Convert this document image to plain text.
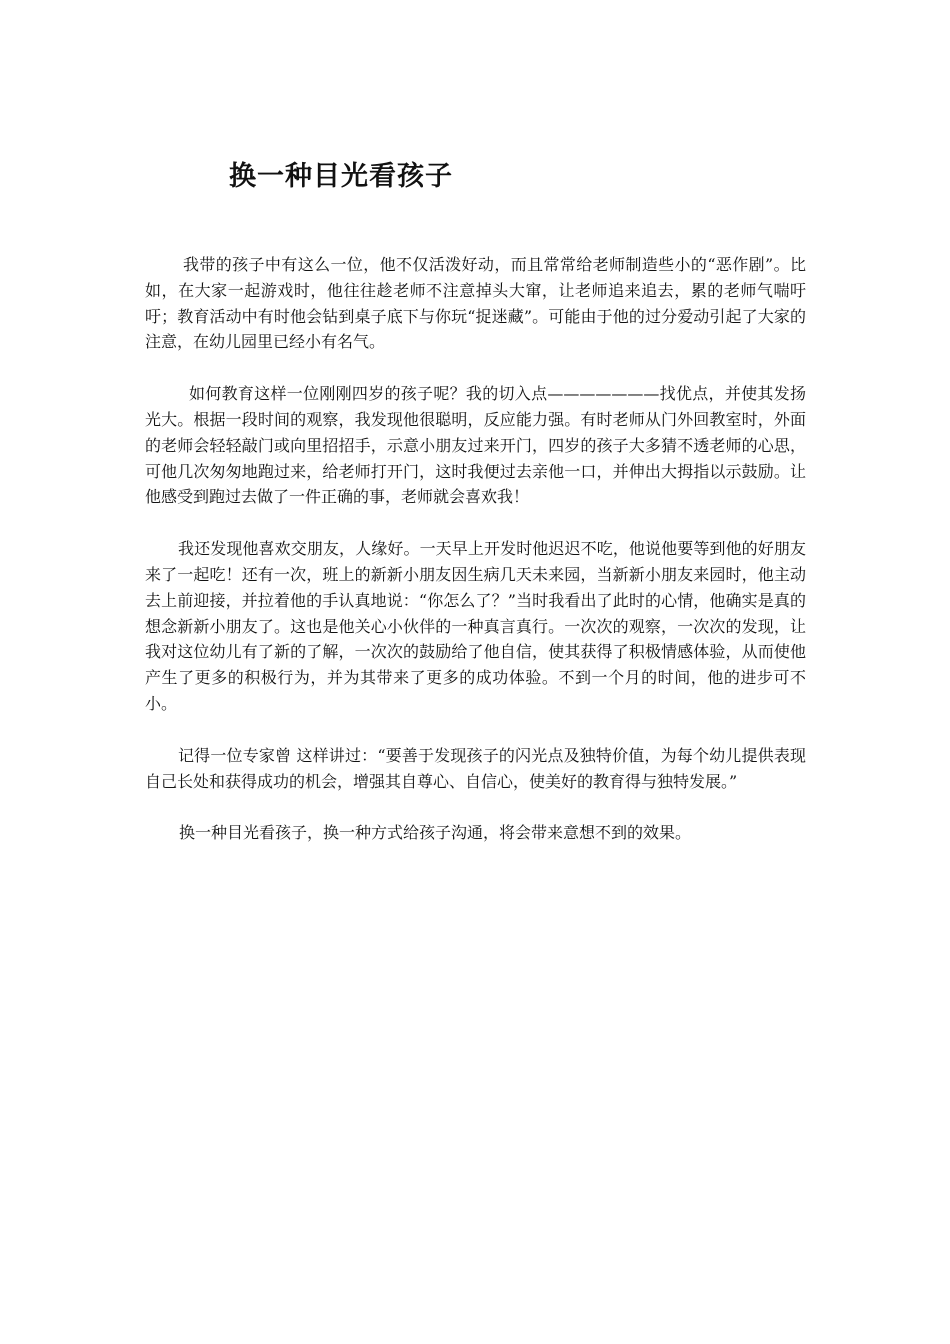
换一种目光看孩子

我带的孩子中有这么一位，他不仅活泼好动，而且常常给老师制造些小的“恶作剧”。比如，在大家一起游戏时，他往往趁老师不注意掉头大窜，让老师追来追去，累的老师气喘吁吁；教育活动中有时他会钻到桌子底下与你玩“捉迷藏”。可能由于他的过分爱动引起了大家的注意，在幼儿园里已经小有名气。

如何教育这样一位刚刚四岁的孩子呢？我的切入点———————找优点，并使其发扬光大。根据一段时间的观察，我发现他很聪明，反应能力强。有时老师从门外回教室时，外面的老师会轻轻敲门或向里招招手，示意小朋友过来开门，四岁的孩子大多猜不透老师的心思，可他几次匆匆地跑过来，给老师打开门，这时我便过去亲他一口，并伸出大拇指以示鼓励。让他感受到跑过去做了一件正确的事，老师就会喜欢我！

我还发现他喜欢交朋友，人缘好。一天早上开发时他迟迟不吃，他说他要等到他的好朋友来了一起吃！还有一次，班上的新新小朋友因生病几天未来园，当新新小朋友来园时，他主动去上前迎接，并拉着他的手认真地说：“你怎么了？”当时我看出了此时的心情，他确实是真的想念新新小朋友了。这也是他关心小伙伴的一种真言真行。一次次的观察，一次次的发现，让我对这位幼儿有了新的了解，一次次的鼓励给了他自信，使其获得了积极情感体验，从而使他产生了更多的积极行为，并为其带来了更多的成功体验。不到一个月的时间，他的进步可不小。

记得一位专家曾 这样讲过：“要善于发现孩子的闪光点及独特价值，为每个幼儿提供表现自己长处和获得成功的机会，增强其自尊心、自信心，使美好的教育得与独特发展。”

换一种目光看孩子，换一种方式给孩子沟通，将会带来意想不到的效果。
